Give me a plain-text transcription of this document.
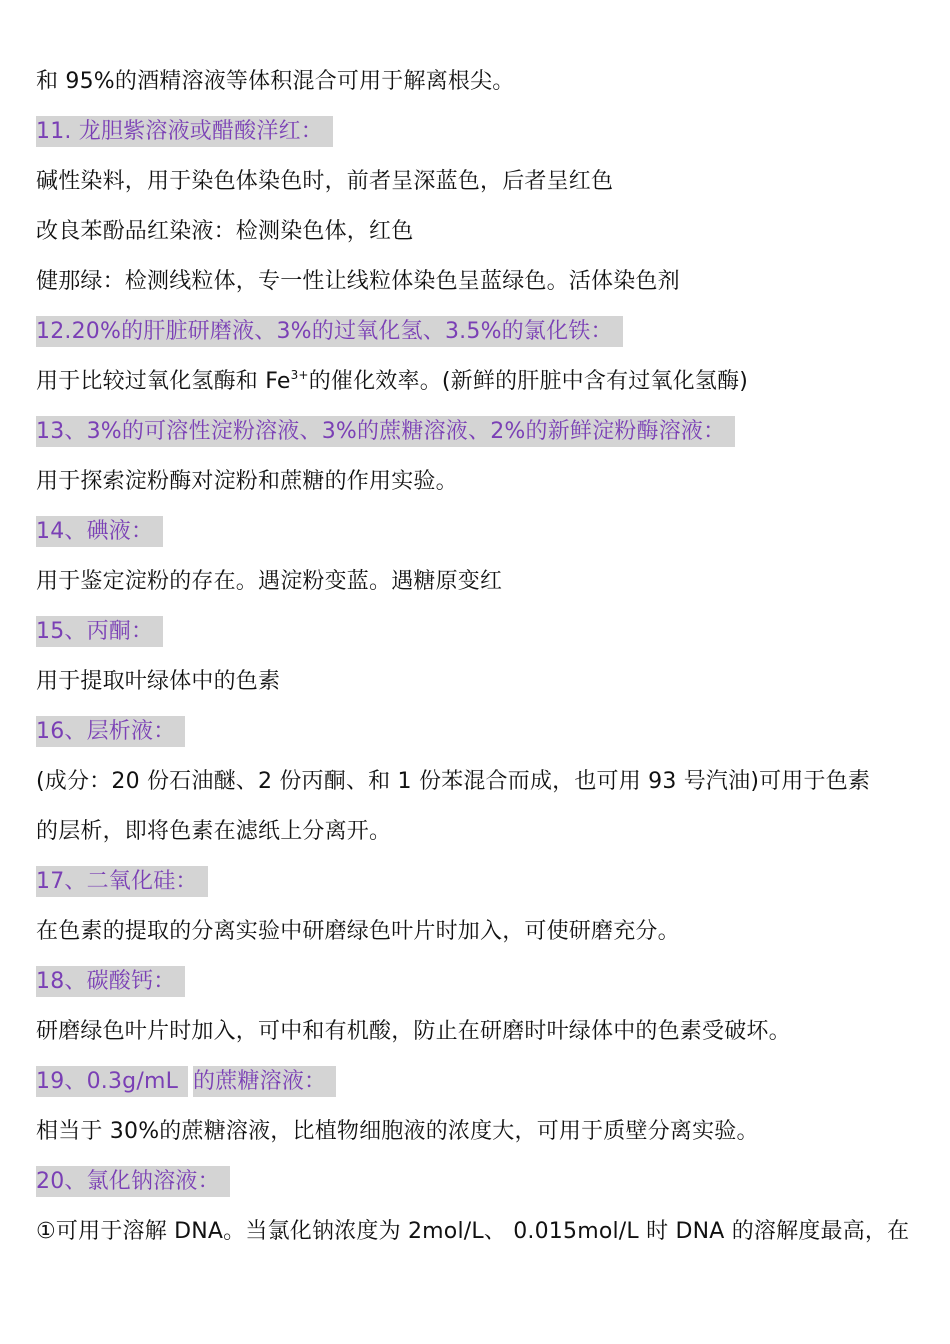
和 95%的酒精溶液等体积混合可用于解离根尖。
11. 龙胆紫溶液或醋酸洋红：
碱性染料，用于染色体染色时，前者呈深蓝色，后者呈红色
改良苯酚品红染液：检测染色体，红色
健那绿：检测线粒体，专一性让线粒体染色呈蓝绿色。活体染色剂
12.20%的肝脏研磨液、3%的过氧化氢、3.5%的氯化铁：
用于比较过氧化氢酶和 $Fe^{3+}$的催化效率。(新鲜的肝脏中含有过氧化氢酶)
13、3%的可溶性淀粉溶液、3%的蔗糖溶液、2%的新鲜淀粉酶溶液：
用于探索淀粉酶对淀粉和蔗糖的作用实验。
14、碘液：
用于鉴定淀粉的存在。遇淀粉变蓝。遇糖原变红
15、丙酮：
用于提取叶绿体中的色素
16、层析液：
(成分：20 份石油醚、2 份丙酮、和 1 份苯混合而成，也可用 93 号汽油)可用于色素
的层析，即将色素在滤纸上分离开。
17、二氧化硅：
在色素的提取的分离实验中研磨绿色叶片时加入，可使研磨充分。
18、碳酸钙：
研磨绿色叶片时加入，可中和有机酸，防止在研磨时叶绿体中的色素受破坏。
19、0.3g/mL 的蔗糖溶液：
相当于 30%的蔗糖溶液，比植物细胞液的浓度大，可用于质壁分离实验。
20、氯化钠溶液：
①可用于溶解 DNA。当氯化钠浓度为 2mol/L、 0.015mol/L 时 DNA 的溶解度最高，在
